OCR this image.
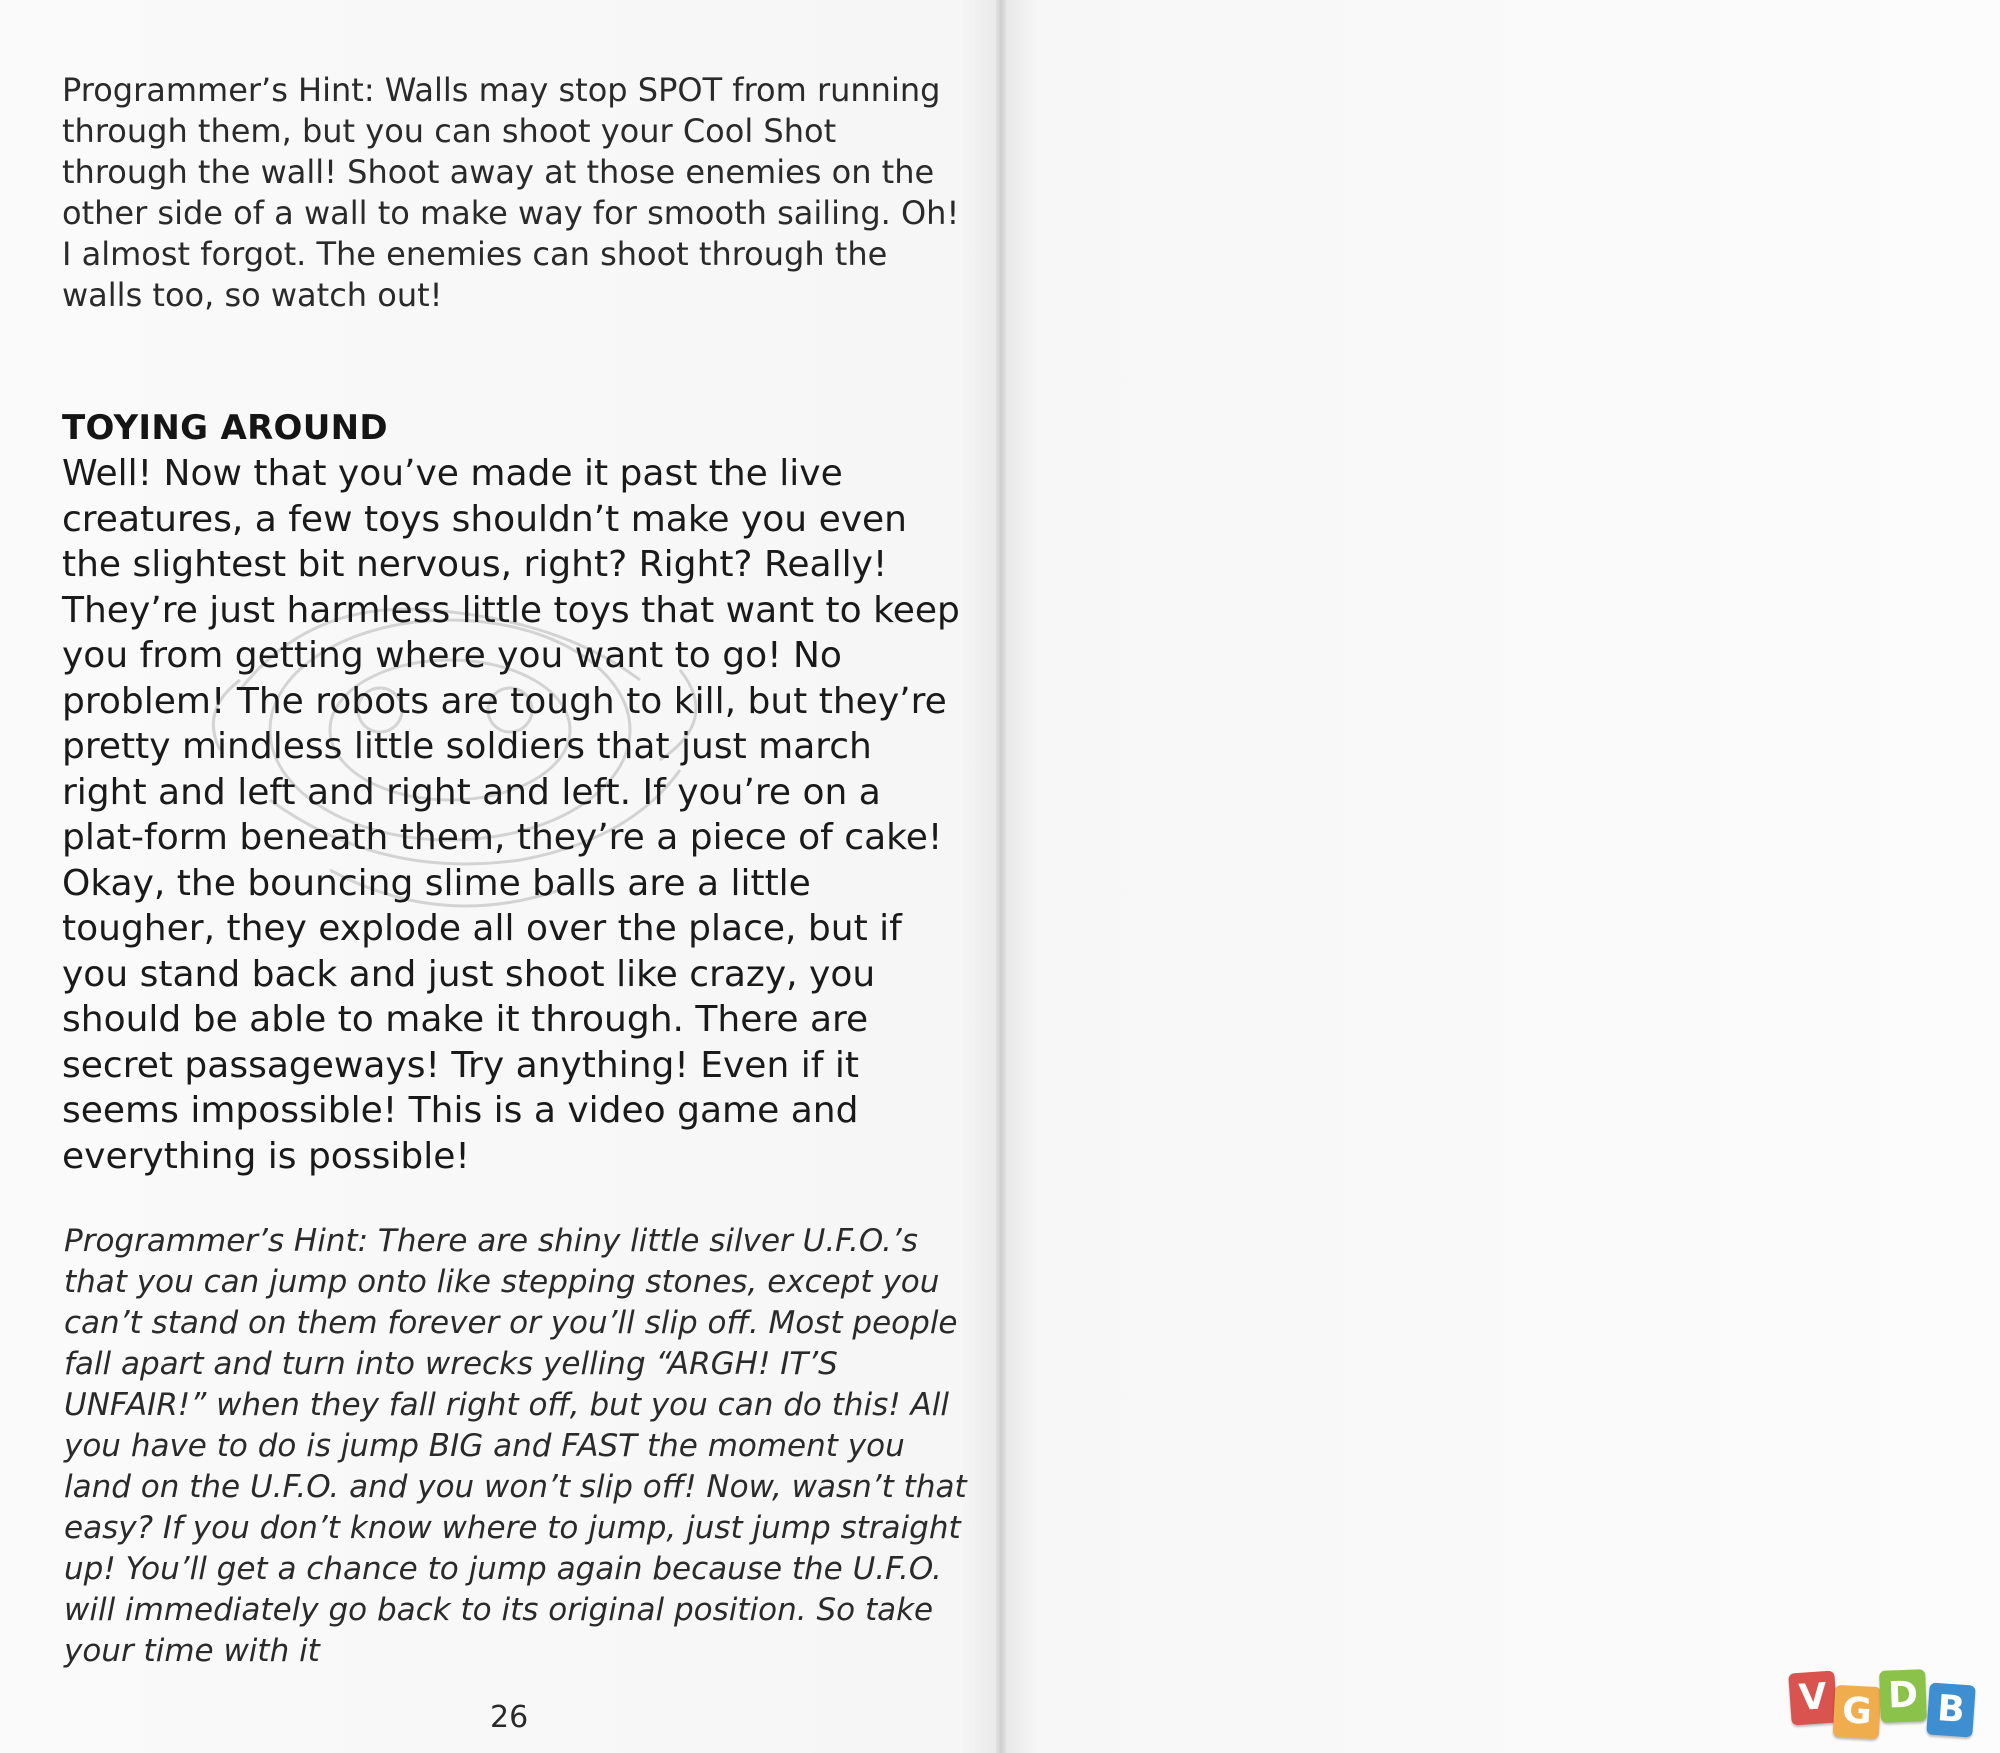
Programmer’s Hint: Walls may stop SPOT from running through them, but you can shoot your Cool Shot through the wall! Shoot away at those enemies on the other side of a wall to make way for smooth sailing. Oh! I almost forgot. The enemies can shoot through the walls too, so watch out!

TOYING AROUND

Well! Now that you’ve made it past the live creatures, a few toys shouldn’t make you even the slightest bit nervous, right? Right? Really! They’re just harmless little toys that want to keep you from getting where you want to go! No problem! The robots are tough to kill, but they’re pretty mindless little soldiers that just march right and left and right and left. If you’re on a plat-form beneath them, they’re a piece of cake! Okay, the bouncing slime balls are a little tougher, they explode all over the place, but if you stand back and just shoot like crazy, you should be able to make it through. There are secret passageways! Try anything! Even if it seems impossible! This is a video game and everything is possible!

Programmer’s Hint: There are shiny little silver U.F.O.’s that you can jump onto like stepping stones, except you can’t stand on them forever or you’ll slip off. Most people fall apart and turn into wrecks yelling “ARGH! IT’S UNFAIR!” when they fall right off, but you can do this! All you have to do is jump BIG and FAST the moment you land on the U.F.O. and you won’t slip off! Now, wasn’t that easy? If you don’t know where to jump, just jump straight up! You’ll get a chance to jump again because the U.F.O. will immediately go back to its original position. So take your time with it

26	V G D B
